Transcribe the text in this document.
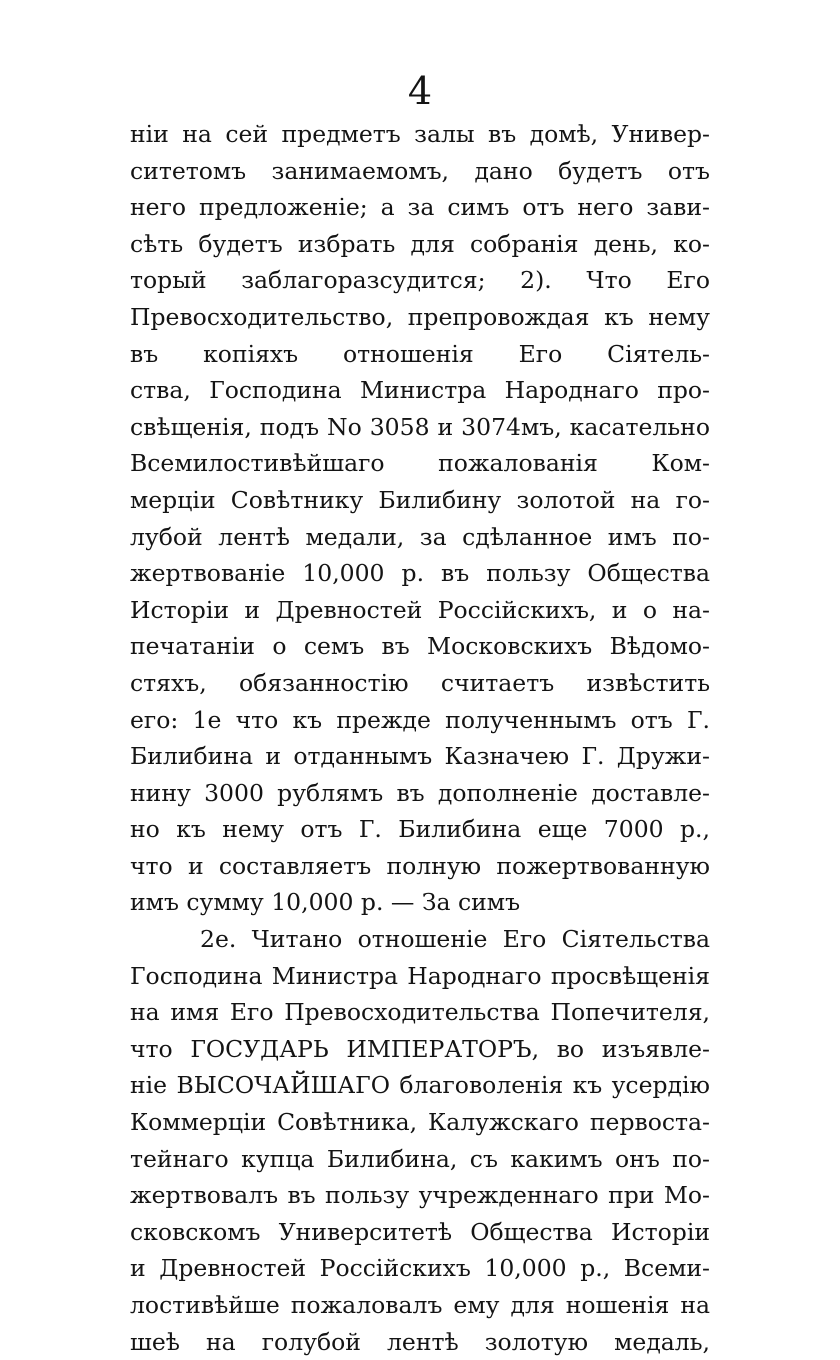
4
ніи на сей предметъ залы въ домѣ, Универ-
ситетомъ занимаемомъ, дано будетъ отъ
него предложеніе; а за симъ отъ него зави-
сѣть будетъ избрать для собранія день, ко-
торый заблагоразсудится; 2). Что Его
Превосходительство, препровождая къ нему
въ копіяхъ отношенія Его Сіятель-
ства, Господина Министра Народнаго про-
свѣщенія, подъ No 3058 и 3074мъ, касательно
Всемилостивѣйшаго пожалованія Ком-
мерціи Совѣтнику Билибину золотой на го-
лубой лентѣ медали, за сдѣланное имъ по-
жертвованіе 10,000 р. въ пользу Общества
Исторіи и Древностей Россійскихъ, и о на-
печатаніи о семъ въ Московскихъ Вѣдомо-
стяхъ, обязанностію считаетъ извѣстить
его: 1е что къ прежде полученнымъ отъ Г.
Билибина и отданнымъ Казначею Г. Дружи-
нину 3000 рублямъ въ дополненіе доставле-
но къ нему отъ Г. Билибина еще 7000 р.,
что и составляетъ полную пожертвованную
имъ сумму 10,000 р. — За симъ
2е. Читано отношеніе Его Сіятельства
Господина Министра Народнаго просвѣщенія
на имя Его Превосходительства Попечителя,
что ГОСУДАРЬ ИМПЕРАТОРЪ, во изъявле-
ніе ВЫСОЧАЙШАГО благоволенія къ усердію
Коммерціи Совѣтника, Калужскаго первоста-
тейнаго купца Билибина, съ какимъ онъ по-
жертвовалъ въ пользу учрежденнаго при Мо-
сковскомъ Университетѣ Общества Исторіи
и Древностей Россійскихъ 10,000 р., Всеми-
лостивѣйше пожаловалъ ему для ношенія на
шеѣ на голубой лентѣ золотую медаль,
